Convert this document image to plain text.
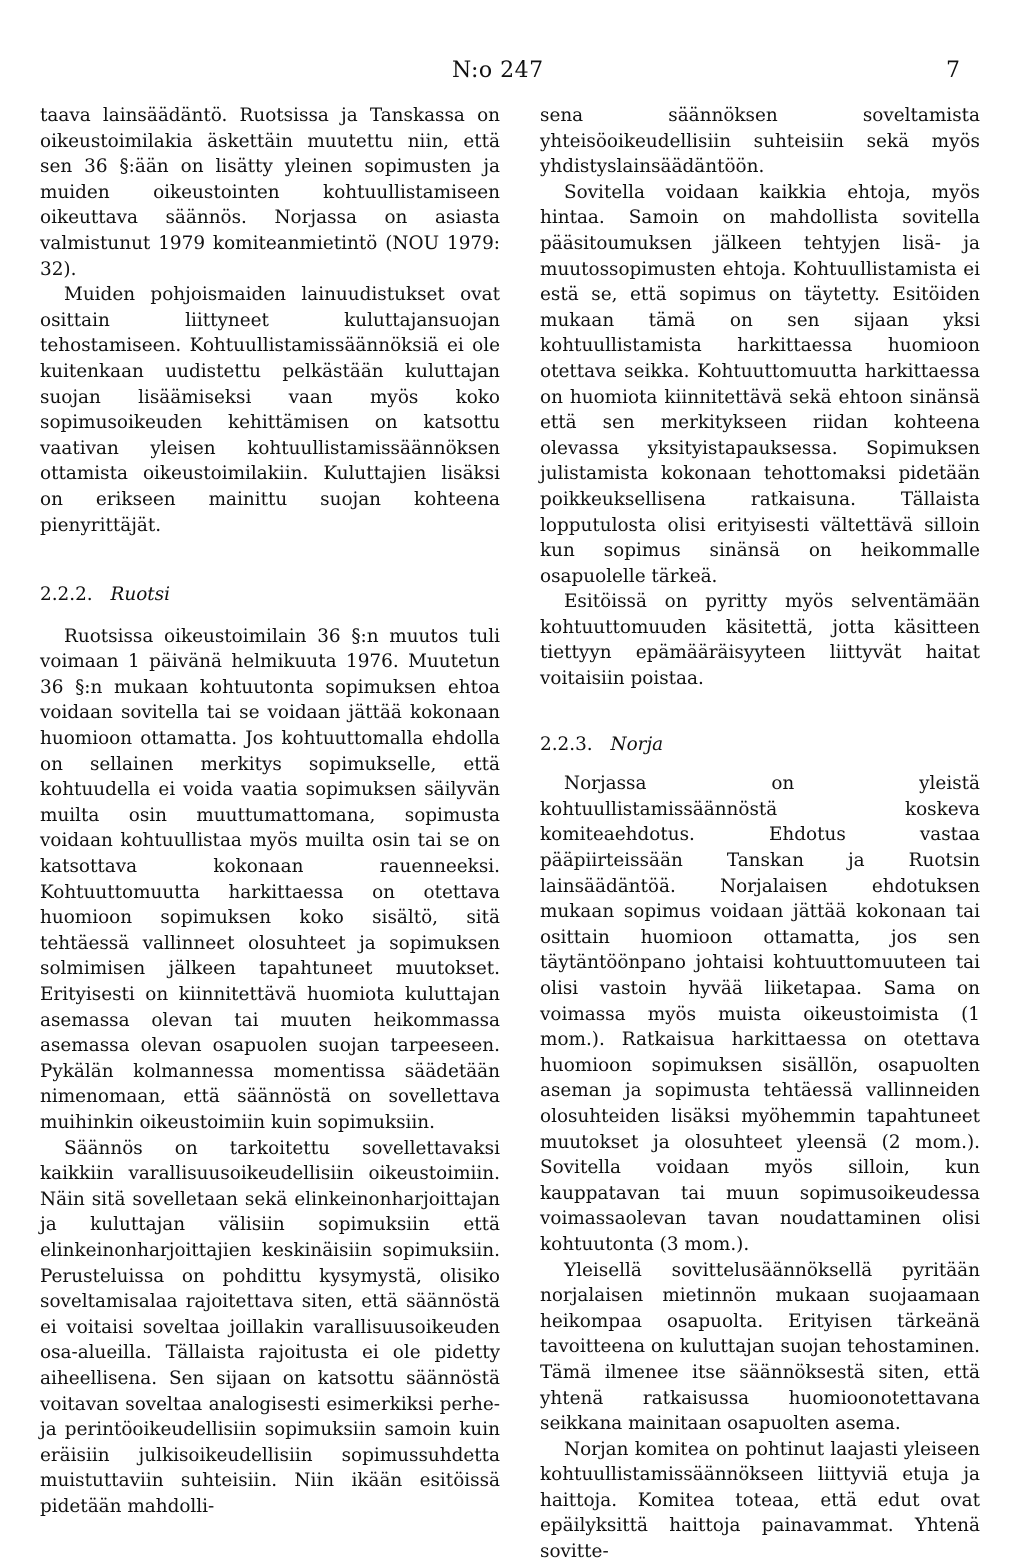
N:o 247	7

taava lainsäädäntö. Ruotsissa ja Tanskassa on oikeustoimilakia äskettäin muutettu niin, että sen 36 §:ään on lisätty yleinen sopimusten ja muiden oikeustointen kohtuullistamiseen oikeuttava säännös. Norjassa on asiasta valmistunut 1979 komiteanmietintö (NOU 1979: 32).

Muiden pohjoismaiden lainuudistukset ovat osittain liittyneet kuluttajansuojan tehostamiseen. Kohtuullistamissäännöksiä ei ole kuitenkaan uudistettu pelkästään kuluttajan suojan lisäämiseksi vaan myös koko sopimusoikeuden kehittämisen on katsottu vaativan yleisen kohtuullistamissäännöksen ottamista oikeustoimilakiin. Kuluttajien lisäksi on erikseen mainittu suojan kohteena pienyrittäjät.

2.2.2. Ruotsi

Ruotsissa oikeustoimilain 36 §:n muutos tuli voimaan 1 päivänä helmikuuta 1976. Muutetun 36 §:n mukaan kohtuutonta sopimuksen ehtoa voidaan sovitella tai se voidaan jättää kokonaan huomioon ottamatta. Jos kohtuuttomalla ehdolla on sellainen merkitys sopimukselle, että kohtuudella ei voida vaatia sopimuksen säilyvän muilta osin muuttumattomana, sopimusta voidaan kohtuullistaa myös muilta osin tai se on katsottava kokonaan rauenneeksi. Kohtuuttomuutta harkittaessa on otettava huomioon sopimuksen koko sisältö, sitä tehtäessä vallinneet olosuhteet ja sopimuksen solmimisen jälkeen tapahtuneet muutokset. Erityisesti on kiinnitettävä huomiota kuluttajan asemassa olevan tai muuten heikommassa asemassa olevan osapuolen suojan tarpeeseen. Pykälän kolmannessa momentissa säädetään nimenomaan, että säännöstä on sovellettava muihinkin oikeustoimiin kuin sopimuksiin.

Säännös on tarkoitettu sovellettavaksi kaikkiin varallisuusoikeudellisiin oikeustoimiin. Näin sitä sovelletaan sekä elinkeinonharjoittajan ja kuluttajan välisiin sopimuksiin että elinkeinonharjoittajien keskinäisiin sopimuksiin. Perusteluissa on pohdittu kysymystä, olisiko soveltamisalaa rajoitettava siten, että säännöstä ei voitaisi soveltaa joillakin varallisuusoikeuden osa-alueilla. Tällaista rajoitusta ei ole pidetty aiheellisena. Sen sijaan on katsottu säännöstä voitavan soveltaa analogisesti esimerkiksi perhe- ja perintöoikeudellisiin sopimuksiin samoin kuin eräisiin julkisoikeudellisiin sopimussuhdetta muistuttaviin suhteisiin. Niin ikään esitöissä pidetään mahdolli-

sena säännöksen soveltamista yhteisöoikeudellisiin suhteisiin sekä myös yhdistyslainsäädäntöön.

Sovitella voidaan kaikkia ehtoja, myös hintaa. Samoin on mahdollista sovitella pääsitoumuksen jälkeen tehtyjen lisä- ja muutossopimusten ehtoja. Kohtuullistamista ei estä se, että sopimus on täytetty. Esitöiden mukaan tämä on sen sijaan yksi kohtuullistamista harkittaessa huomioon otettava seikka. Kohtuuttomuutta harkittaessa on huomiota kiinnitettävä sekä ehtoon sinänsä että sen merkitykseen riidan kohteena olevassa yksityistapauksessa. Sopimuksen julistamista kokonaan tehottomaksi pidetään poikkeuksellisena ratkaisuna. Tällaista lopputulosta olisi erityisesti vältettävä silloin kun sopimus sinänsä on heikommalle osapuolelle tärkeä.

Esitöissä on pyritty myös selventämään kohtuuttomuuden käsitettä, jotta käsitteen tiettyyn epämääräisyyteen liittyvät haitat voitaisiin poistaa.

2.2.3. Norja

Norjassa on yleistä kohtuullistamissäännöstä koskeva komiteaehdotus. Ehdotus vastaa pääpiirteissään Tanskan ja Ruotsin lainsäädäntöä. Norjalaisen ehdotuksen mukaan sopimus voidaan jättää kokonaan tai osittain huomioon ottamatta, jos sen täytäntöönpano johtaisi kohtuuttomuuteen tai olisi vastoin hyvää liiketapaa. Sama on voimassa myös muista oikeustoimista (1 mom.). Ratkaisua harkittaessa on otettava huomioon sopimuksen sisällön, osapuolten aseman ja sopimusta tehtäessä vallinneiden olosuhteiden lisäksi myöhemmin tapahtuneet muutokset ja olosuhteet yleensä (2 mom.). Sovitella voidaan myös silloin, kun kauppatavan tai muun sopimusoikeudessa voimassaolevan tavan noudattaminen olisi kohtuutonta (3 mom.).

Yleisellä sovittelusäännöksellä pyritään norjalaisen mietinnön mukaan suojaamaan heikompaa osapuolta. Erityisen tärkeänä tavoitteena on kuluttajan suojan tehostaminen. Tämä ilmenee itse säännöksestä siten, että yhtenä ratkaisussa huomioonotettavana seikkana mainitaan osapuolten asema.

Norjan komitea on pohtinut laajasti yleiseen kohtuullistamissäännökseen liittyviä etuja ja haittoja. Komitea toteaa, että edut ovat epäilyksittä haittoja painavammat. Yhtenä sovitte-
